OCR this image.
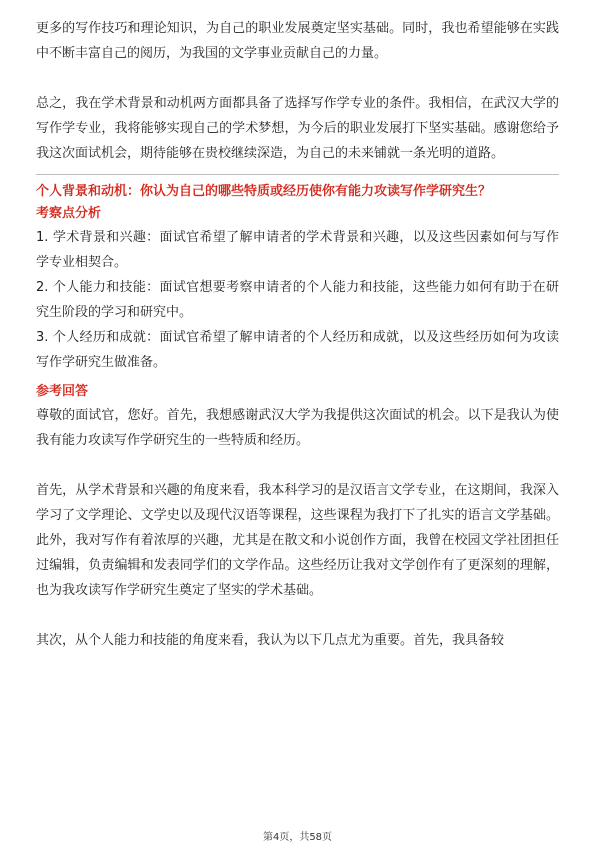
更多的写作技巧和理论知识，为自己的职业发展奠定坚实基础。同时，我也希望能够在实践中不断丰富自己的阅历，为我国的文学事业贡献自己的力量。

总之，我在学术背景和动机两方面都具备了选择写作学专业的条件。我相信，在武汉大学的写作学专业，我将能够实现自己的学术梦想，为今后的职业发展打下坚实基础。感谢您给予我这次面试机会，期待能够在贵校继续深造，为自己的未来铺就一条光明的道路。

个人背景和动机：你认为自己的哪些特质或经历使你有能力攻读写作学研究生？

考察点分析

1. 学术背景和兴趣：面试官希望了解申请者的学术背景和兴趣，以及这些因素如何与写作学专业相契合。
2. 个人能力和技能：面试官想要考察申请者的个人能力和技能，这些能力如何有助于在研究生阶段的学习和研究中。
3. 个人经历和成就：面试官希望了解申请者的个人经历和成就，以及这些经历如何为攻读写作学研究生做准备。

参考回答

尊敬的面试官，您好。首先，我想感谢武汉大学为我提供这次面试的机会。以下是我认为使我有能力攻读写作学研究生的一些特质和经历。

首先，从学术背景和兴趣的角度来看，我本科学习的是汉语言文学专业，在这期间，我深入学习了文学理论、文学史以及现代汉语等课程，这些课程为我打下了扎实的语言文学基础。此外，我对写作有着浓厚的兴趣，尤其是在散文和小说创作方面，我曾在校园文学社团担任过编辑，负责编辑和发表同学们的文学作品。这些经历让我对文学创作有了更深刻的理解，也为我攻读写作学研究生奠定了坚实的学术基础。

其次，从个人能力和技能的角度来看，我认为以下几点尤为重要。首先，我具备较

第4页，共58页
